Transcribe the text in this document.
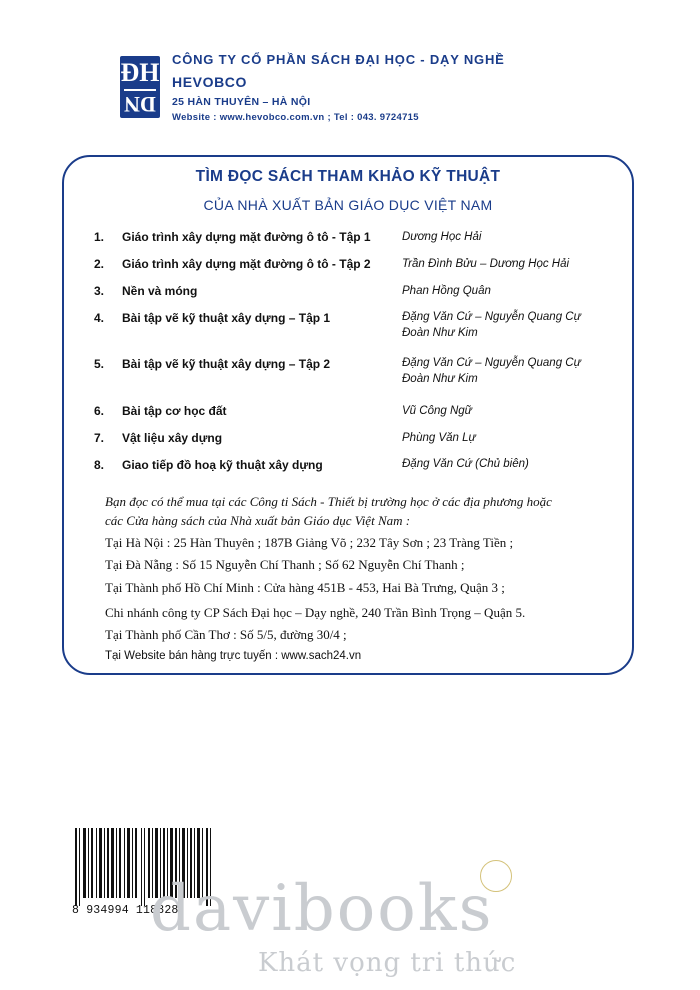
ĐH
DN
CÔNG TY CỔ PHẦN SÁCH ĐẠI HỌC - DẠY NGHỀ
HEVOBCO
25 HÀN THUYÊN – HÀ NỘI
Website : www.hevobco.com.vn ; Tel : 043. 9724715
TÌM ĐỌC SÁCH THAM KHẢO KỸ THUẬT
CỦA NHÀ XUẤT BẢN GIÁO DỤC VIỆT NAM
1.	Giáo trình xây dựng mặt đường ô tô - Tập 1	Dương Học Hải
2.	Giáo trình xây dựng mặt đường ô tô - Tập 2	Trần Đình Bửu – Dương Học Hải
3.	Nền và móng	Phan Hồng Quân
4.	Bài tập vẽ kỹ thuật xây dựng – Tập 1	Đặng Văn Cứ – Nguyễn Quang Cự
Đoàn Như Kim
5.	Bài tập vẽ kỹ thuật xây dựng – Tập 2	Đặng Văn Cứ – Nguyễn Quang Cự
Đoàn Như Kim
6.	Bài tập cơ học đất	Vũ Công Ngữ
7.	Vật liệu xây dựng	Phùng Văn Lự
8.	Giao tiếp đồ hoạ kỹ thuật xây dựng	Đặng Văn Cứ (Chủ biên)
Bạn đọc có thể mua tại các Công ti Sách - Thiết bị trường học ở các địa phương hoặc
các Cửa hàng sách của Nhà xuất bản Giáo dục Việt Nam :
Tại Hà Nội : 25 Hàn Thuyên ; 187B Giảng Võ ; 232 Tây Sơn ; 23 Tràng Tiền ;
Tại Đà Nẵng : Số 15 Nguyễn Chí Thanh ; Số 62 Nguyễn Chí Thanh ;
Tại Thành phố Hồ Chí Minh : Cửa hàng 451B - 453, Hai Bà Trưng, Quận 3 ;
Chi nhánh công ty CP Sách Đại học – Dạy nghề, 240 Trần Bình Trọng – Quận 5.
Tại Thành phố Cần Thơ : Số 5/5, đường 30/4 ;
Tại Website bán hàng trực tuyến : www.sach24.vn
8 934994 118828
davibooks
Khát vọng tri thức
